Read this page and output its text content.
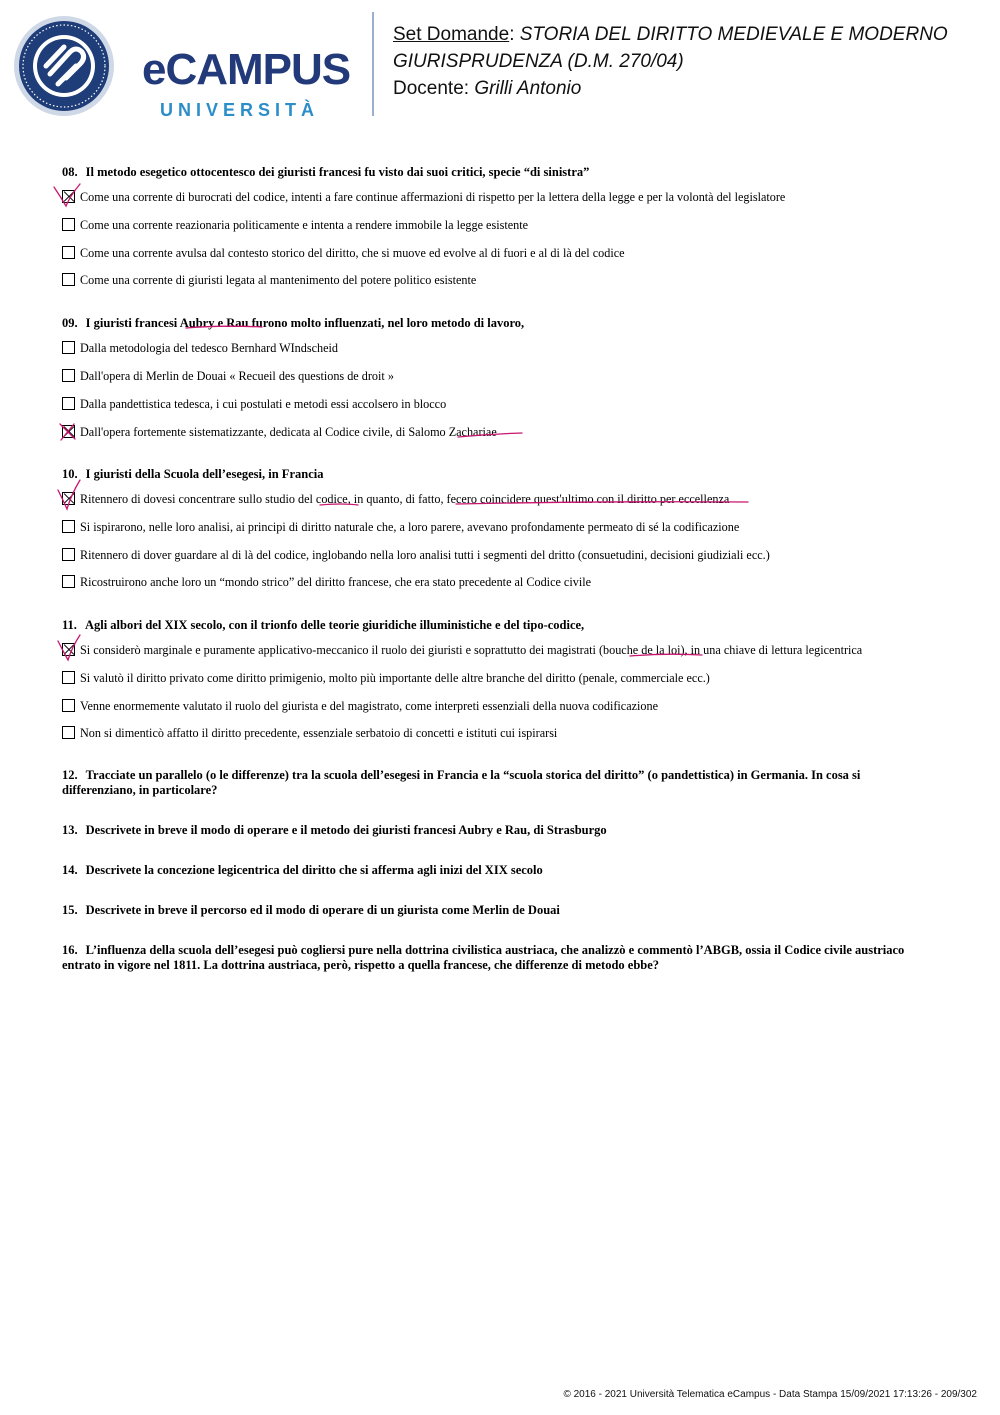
eCAMPUS
UNIVERSITÀ
Set Domande: STORIA DEL DIRITTO MEDIEVALE E MODERNO
GIURISPRUDENZA (D.M. 270/04)
Docente: Grilli Antonio
08. Il metodo esegetico ottocentesco dei giuristi francesi fu visto dai suoi critici, specie “di sinistra”
Come una corrente di burocrati del codice, intenti a fare continue affermazioni di rispetto per la lettera della legge e per la volontà del legislatore
Come una corrente reazionaria politicamente e intenta a rendere immobile la legge esistente
Come una corrente avulsa dal contesto storico del diritto, che si muove ed evolve al di fuori e al di là del codice
Come una corrente di giuristi legata al mantenimento del potere politico esistente
09. I giuristi francesi Aubry e Rau furono molto influenzati, nel loro metodo di lavoro,
Dalla metodologia del tedesco Bernhard WIndscheid
Dall'opera di Merlin de Douai « Recueil des questions de droit »
Dalla pandettistica tedesca, i cui postulati e metodi essi accolsero in blocco
Dall'opera fortemente sistematizzante, dedicata al Codice civile, di Salomo Zachariae
10. I giuristi della Scuola dell’esegesi, in Francia
Ritennero di dovesi concentrare sullo studio del codice, in quanto, di fatto, fecero coincidere quest'ultimo con il diritto per eccellenza
Si ispirarono, nelle loro analisi, ai principi di diritto naturale che, a loro parere, avevano profondamente permeato di sé la codificazione
Ritennero di dover guardare al di là del codice, inglobando nella loro analisi tutti i segmenti del dritto (consuetudini, decisioni giudiziali ecc.)
Ricostruirono anche loro un “mondo strico” del diritto francese, che era stato precedente al Codice civile
11. Agli albori del XIX secolo, con il trionfo delle teorie giuridiche illuministiche e del tipo-codice,
Si considerò marginale e puramente applicativo-meccanico il ruolo dei giuristi e soprattutto dei magistrati (bouche de la loi), in una chiave di lettura legicentrica
Si valutò il diritto privato come diritto primigenio, molto più importante delle altre branche del diritto (penale, commerciale ecc.)
Venne enormemente valutato il ruolo del giurista e del magistrato, come interpreti essenziali della nuova codificazione
Non si dimenticò affatto il diritto precedente, essenziale serbatoio di concetti e istituti cui ispirarsi
12. Tracciate un parallelo (o le differenze) tra la scuola dell’esegesi in Francia e la “scuola storica del diritto” (o pandettistica) in Germania. In cosa si differenziano, in particolare?
13. Descrivete in breve il modo di operare e il metodo dei giuristi francesi Aubry e Rau, di Strasburgo
14. Descrivete la concezione legicentrica del diritto che si afferma agli inizi del XIX secolo
15. Descrivete in breve il percorso ed il modo di operare di un giurista come Merlin de Douai
16. L’influenza della scuola dell’esegesi può cogliersi pure nella dottrina civilistica austriaca, che analizzò e commentò l’ABGB, ossia il Codice civile austriaco entrato in vigore nel 1811. La dottrina austriaca, però, rispetto a quella francese, che differenze di metodo ebbe?
© 2016 - 2021 Università Telematica eCampus - Data Stampa 15/09/2021 17:13:26 - 209/302
